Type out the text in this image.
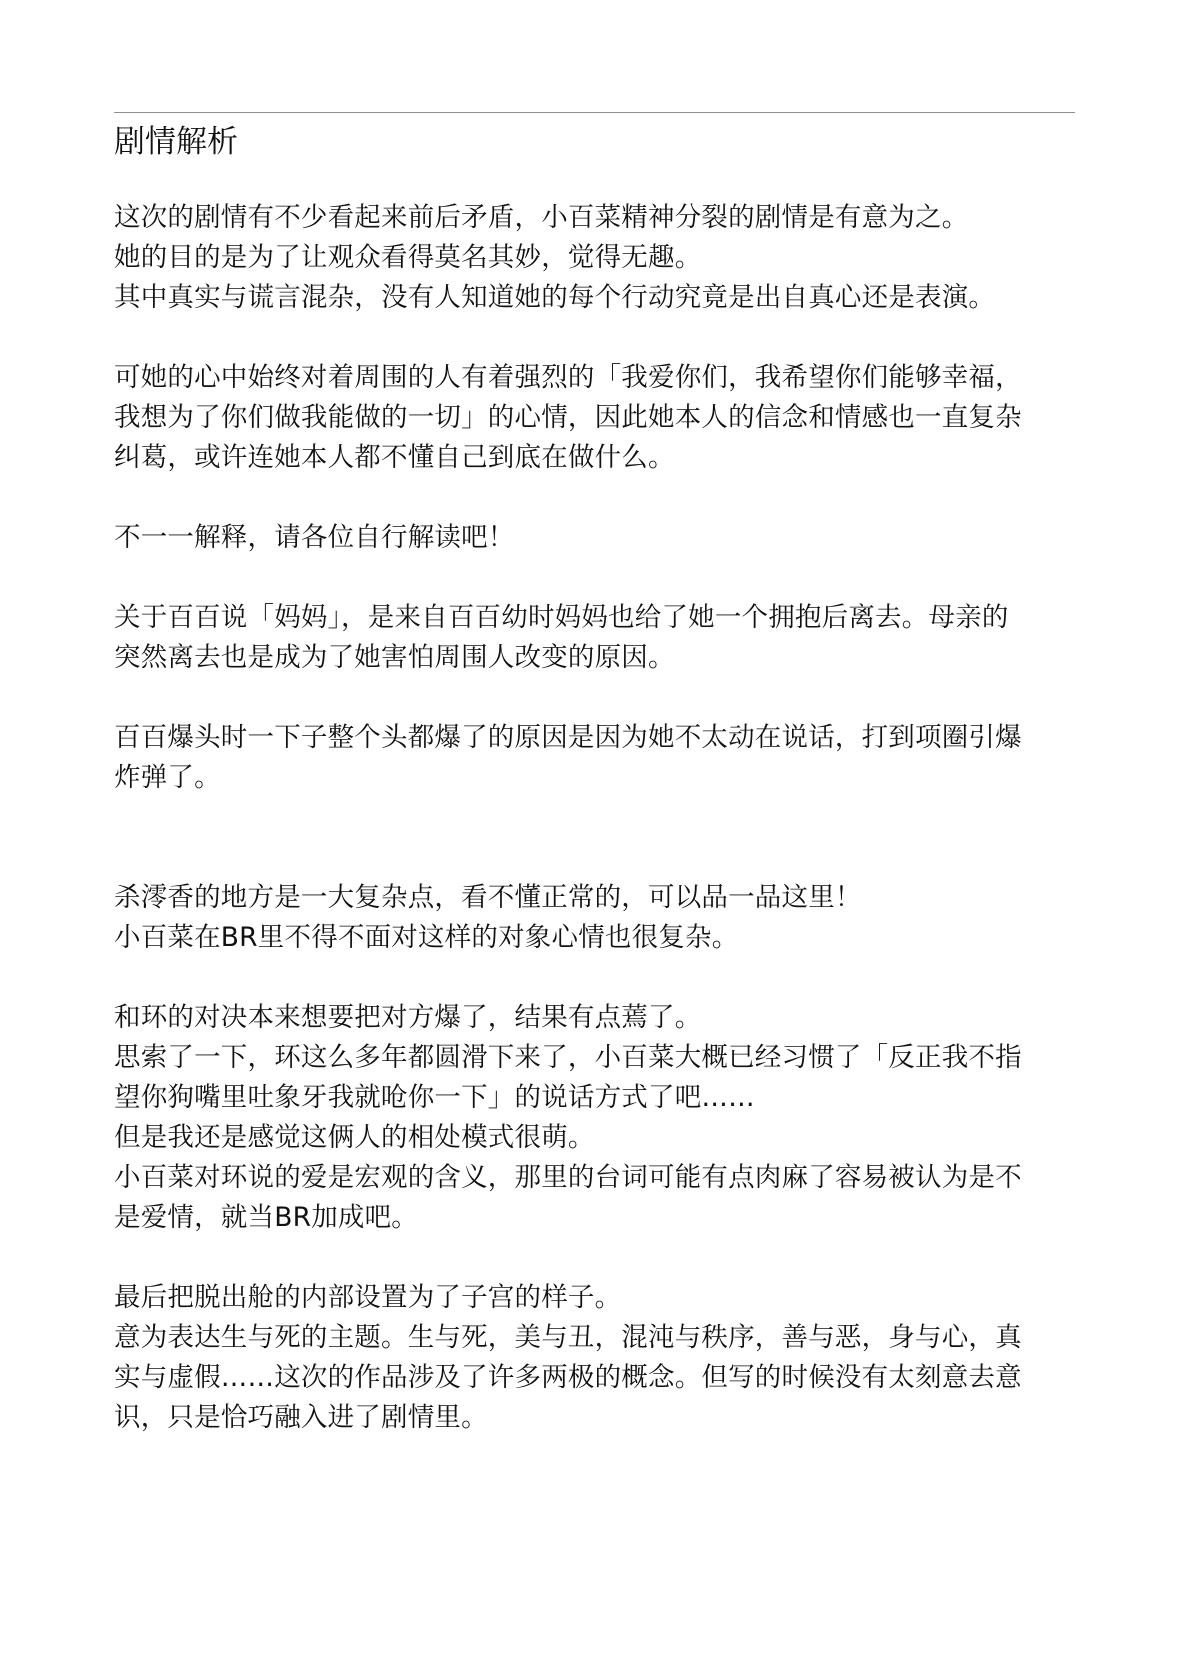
剧情解析
这次的剧情有不少看起来前后矛盾，小百菜精神分裂的剧情是有意为之。
她的目的是为了让观众看得莫名其妙，觉得无趣。
其中真实与谎言混杂，没有人知道她的每个行动究竟是出自真心还是表演。
可她的心中始终对着周围的人有着强烈的「我爱你们，我希望你们能够幸福，
我想为了你们做我能做的一切」的心情，因此她本人的信念和情感也一直复杂
纠葛，或许连她本人都不懂自己到底在做什么。
不一一解释，请各位自行解读吧！
关于百百说「妈妈」，是来自百百幼时妈妈也给了她一个拥抱后离去。母亲的
突然离去也是成为了她害怕周围人改变的原因。
百百爆头时一下子整个头都爆了的原因是因为她不太动在说话，打到项圈引爆
炸弹了。
杀澪香的地方是一大复杂点，看不懂正常的，可以品一品这里！
小百菜在BR里不得不面对这样的对象心情也很复杂。
和环的对决本来想要把对方爆了，结果有点蔫了。
思索了一下，环这么多年都圆滑下来了，小百菜大概已经习惯了「反正我不指
望你狗嘴里吐象牙我就呛你一下」的说话方式了吧……
但是我还是感觉这俩人的相处模式很萌。
小百菜对环说的爱是宏观的含义，那里的台词可能有点肉麻了容易被认为是不
是爱情，就当BR加成吧。
最后把脱出舱的内部设置为了子宫的样子。
意为表达生与死的主题。生与死，美与丑，混沌与秩序，善与恶，身与心，真
实与虚假……这次的作品涉及了许多两极的概念。但写的时候没有太刻意去意
识，只是恰巧融入进了剧情里。
